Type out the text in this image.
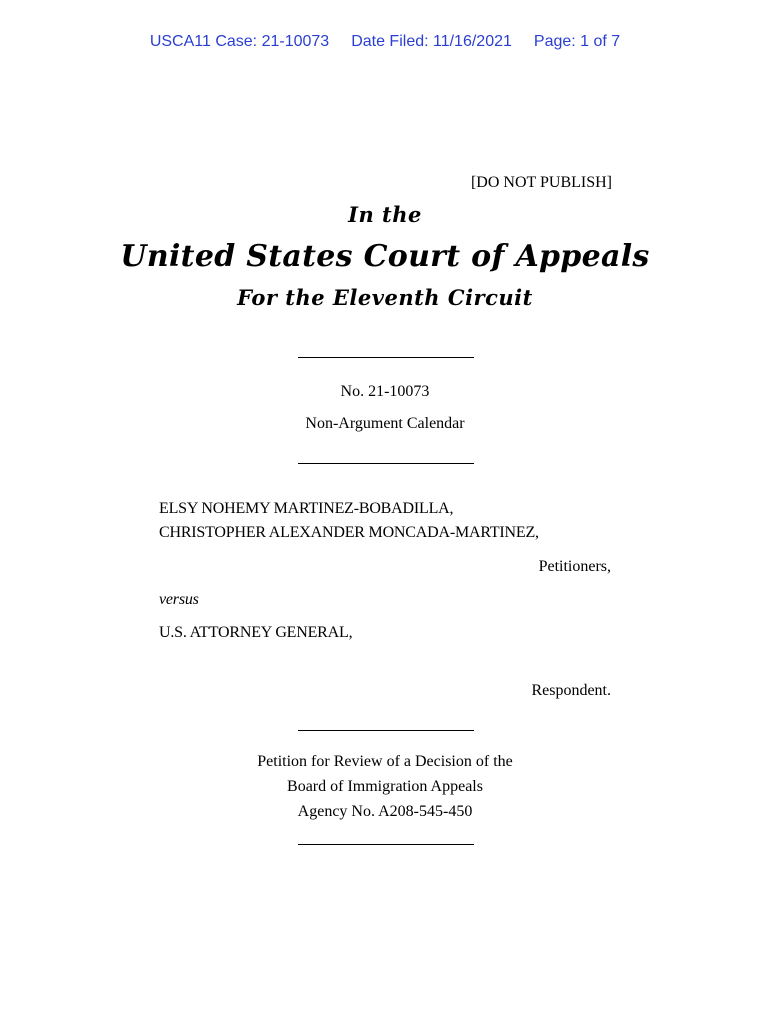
USCA11 Case: 21-10073 Date Filed: 11/16/2021 Page: 1 of 7
[DO NOT PUBLISH]
In the
United States Court of Appeals
For the Eleventh Circuit
No. 21-10073
Non-Argument Calendar
ELSY NOHEMY MARTINEZ-BOBADILLA,
CHRISTOPHER ALEXANDER MONCADA-MARTINEZ,
Petitioners,
versus
U.S. ATTORNEY GENERAL,
Respondent.
Petition for Review of a Decision of the
Board of Immigration Appeals
Agency No. A208-545-450
